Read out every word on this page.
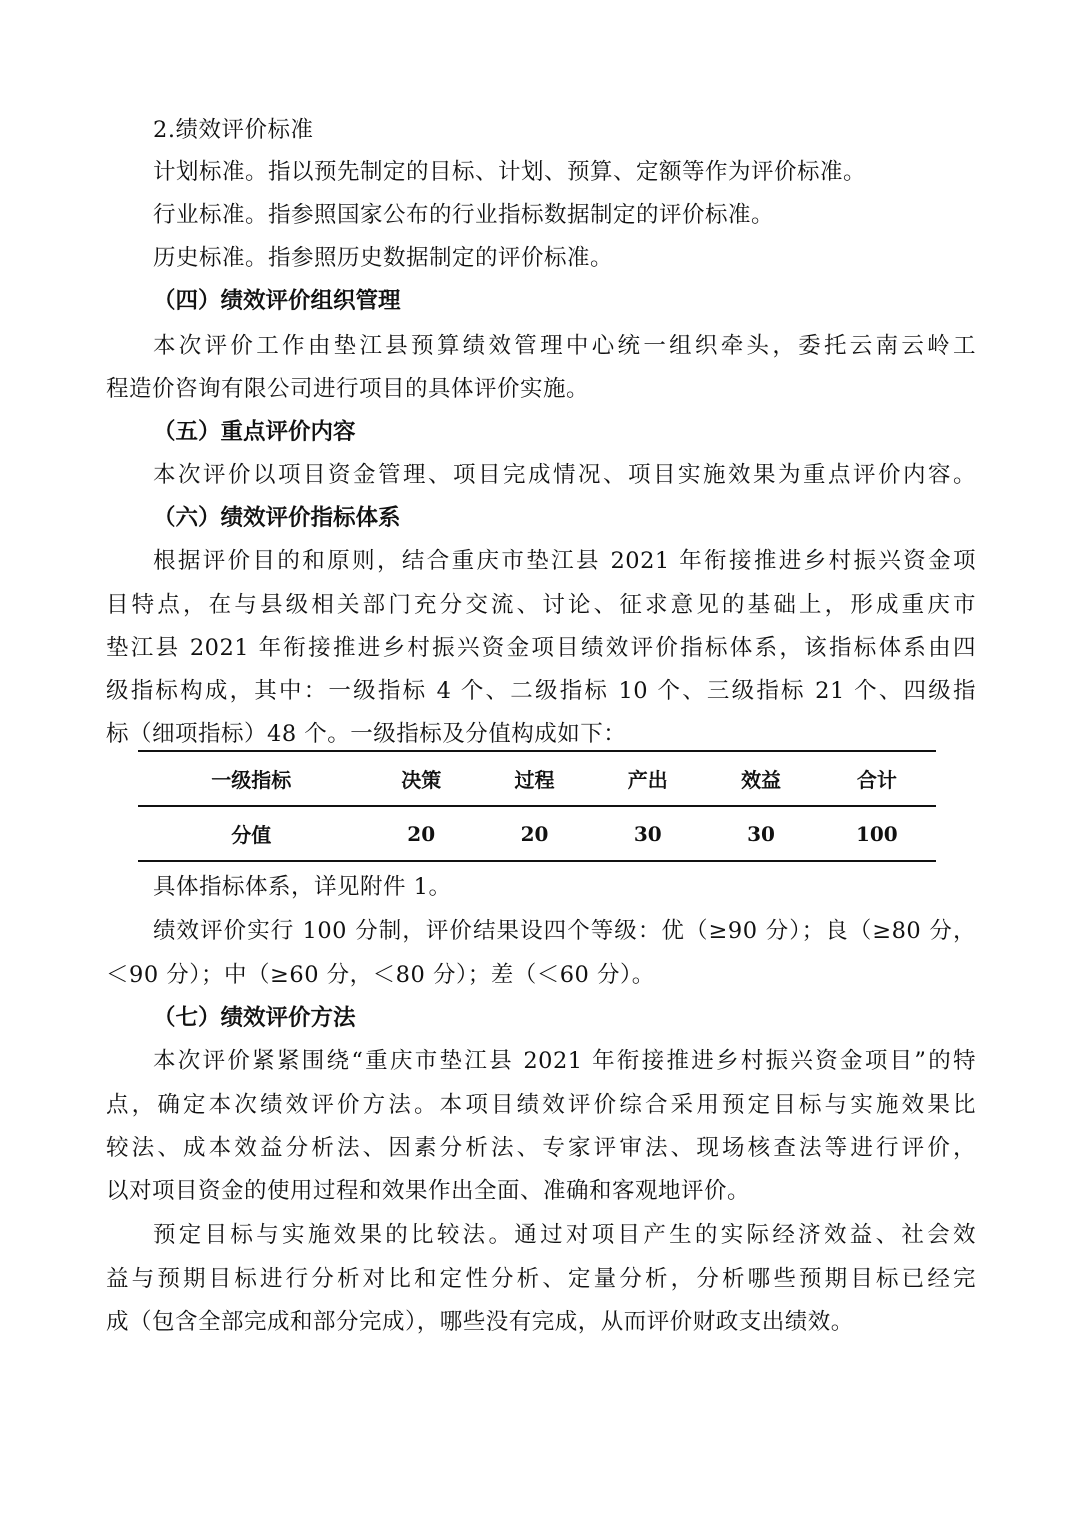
2.绩效评价标准
计划标准。指以预先制定的目标、计划、预算、定额等作为评价标准。
行业标准。指参照国家公布的行业指标数据制定的评价标准。
历史标准。指参照历史数据制定的评价标准。
（四）绩效评价组织管理
本次评价工作由垫江县预算绩效管理中心统一组织牵头，委托云南云岭工
程造价咨询有限公司进行项目的具体评价实施。
（五）重点评价内容
本次评价以项目资金管理、项目完成情况、项目实施效果为重点评价内容。
（六）绩效评价指标体系
根据评价目的和原则，结合重庆市垫江县 2021 年衔接推进乡村振兴资金项
目特点，在与县级相关部门充分交流、讨论、征求意见的基础上，形成重庆市
垫江县 2021 年衔接推进乡村振兴资金项目绩效评价指标体系，该指标体系由四
级指标构成，其中：一级指标 4 个、二级指标 10 个、三级指标 21 个、四级指
标（细项指标）48 个。一级指标及分值构成如下：
一级指标	决策	过程	产出	效益	合计
分值	20	20	30	30	100
具体指标体系，详见附件 1。
绩效评价实行 100 分制，评价结果设四个等级：优（≥90 分）；良（≥80 分，
＜90 分）；中（≥60 分，＜80 分）；差（＜60 分）。
（七）绩效评价方法
本次评价紧紧围绕“重庆市垫江县 2021 年衔接推进乡村振兴资金项目”的特
点，确定本次绩效评价方法。本项目绩效评价综合采用预定目标与实施效果比
较法、成本效益分析法、因素分析法、专家评审法、现场核查法等进行评价，
以对项目资金的使用过程和效果作出全面、准确和客观地评价。
预定目标与实施效果的比较法。通过对项目产生的实际经济效益、社会效
益与预期目标进行分析对比和定性分析、定量分析，分析哪些预期目标已经完
成（包含全部完成和部分完成），哪些没有完成，从而评价财政支出绩效。
